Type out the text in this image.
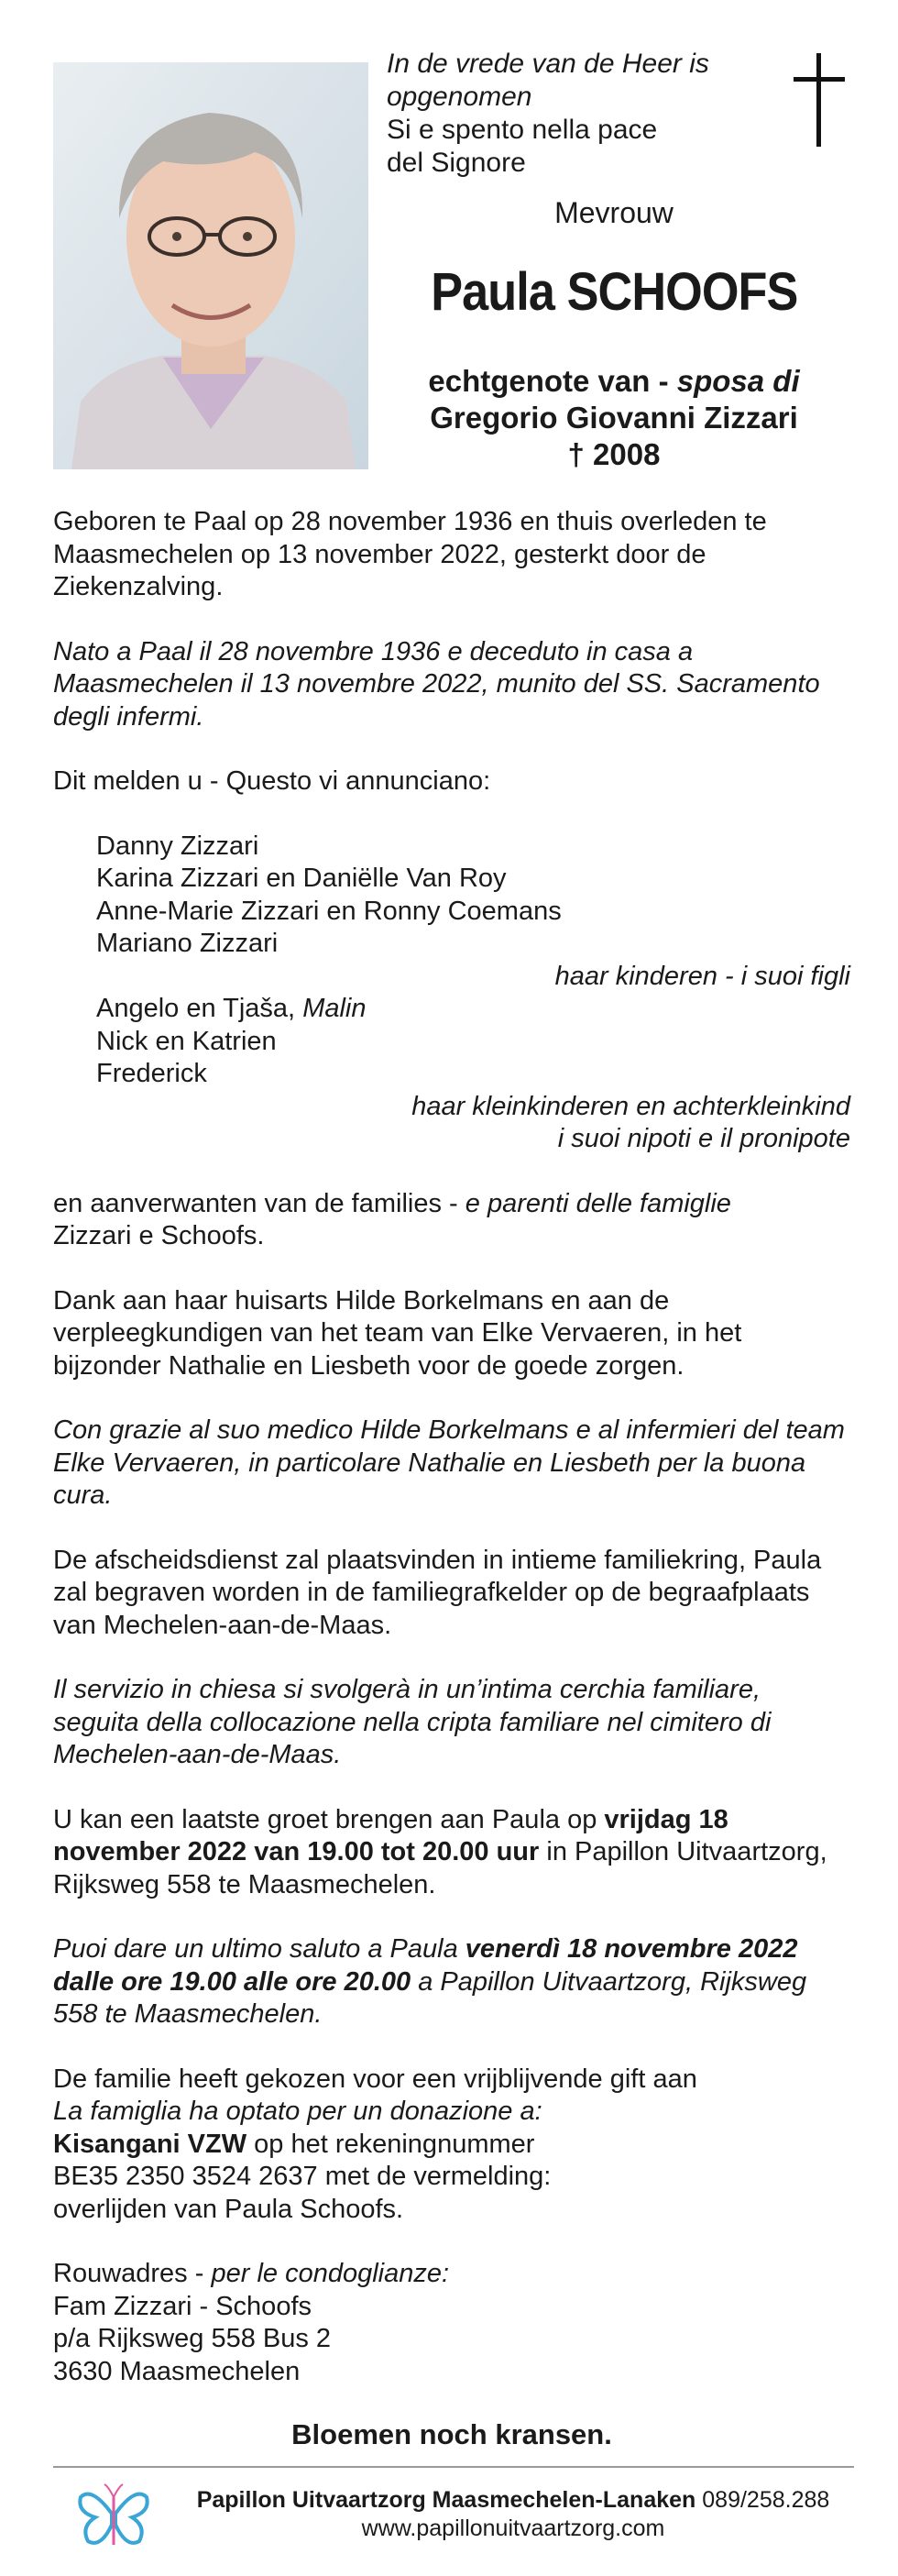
In de vrede van de Heer is
opgenomen
Si e spento nella pace
del Signore
Mevrouw
Paula SCHOOFS
echtgenote van - sposa di
Gregorio Giovanni Zizzari
† 2008

Geboren te Paal op 28 november 1936 en thuis overleden te Maasmechelen op 13 november 2022, gesterkt door de Ziekenzalving.

Nato a Paal il 28 novembre 1936 e deceduto in casa a Maasmechelen il 13 novembre 2022, munito del SS. Sacramento degli infermi.

Dit melden u - Questo vi annunciano:

Danny Zizzari
Karina Zizzari en Daniëlle Van Roy
Anne-Marie Zizzari en Ronny Coemans
Mariano Zizzari
haar kinderen - i suoi figli
Angelo en Tjaša, Malin
Nick en Katrien
Frederick
haar kleinkinderen en achterkleinkind
i suoi nipoti e il pronipote

en aanverwanten van de families - e parenti delle famiglie
Zizzari e Schoofs.

Dank aan haar huisarts Hilde Borkelmans en aan de verpleegkundigen van het team van Elke Vervaeren, in het bijzonder Nathalie en Liesbeth voor de goede zorgen.

Con grazie al suo medico Hilde Borkelmans e al infermieri del team Elke Vervaeren, in particolare Nathalie en Liesbeth per la buona cura.

De afscheidsdienst zal plaatsvinden in intieme familiekring, Paula zal begraven worden in de familiegrafkelder op de begraafplaats van Mechelen-aan-de-Maas.

Il servizio in chiesa si svolgerà in un’intima cerchia familiare, seguita della collocazione nella cripta familiare nel cimitero di Mechelen-aan-de-Maas.

U kan een laatste groet brengen aan Paula op vrijdag 18 november 2022 van 19.00 tot 20.00 uur in Papillon Uitvaartzorg, Rijksweg 558 te Maasmechelen.

Puoi dare un ultimo saluto a Paula venerdì 18 novembre 2022 dalle ore 19.00 alle ore 20.00 a Papillon Uitvaartzorg, Rijksweg 558 te Maasmechelen.

De familie heeft gekozen voor een vrijblijvende gift aan
La famiglia ha optato per un donazione a:
Kisangani VZW op het rekeningnummer
BE35 2350 3524 2637 met de vermelding:
overlijden van Paula Schoofs.

Rouwadres - per le condoglianze:
Fam Zizzari - Schoofs
p/a Rijksweg 558 Bus 2
3630 Maasmechelen

Bloemen noch kransen.
Papillon Uitvaartzorg Maasmechelen-Lanaken 089/258.288
www.papillonuitvaartzorg.com
